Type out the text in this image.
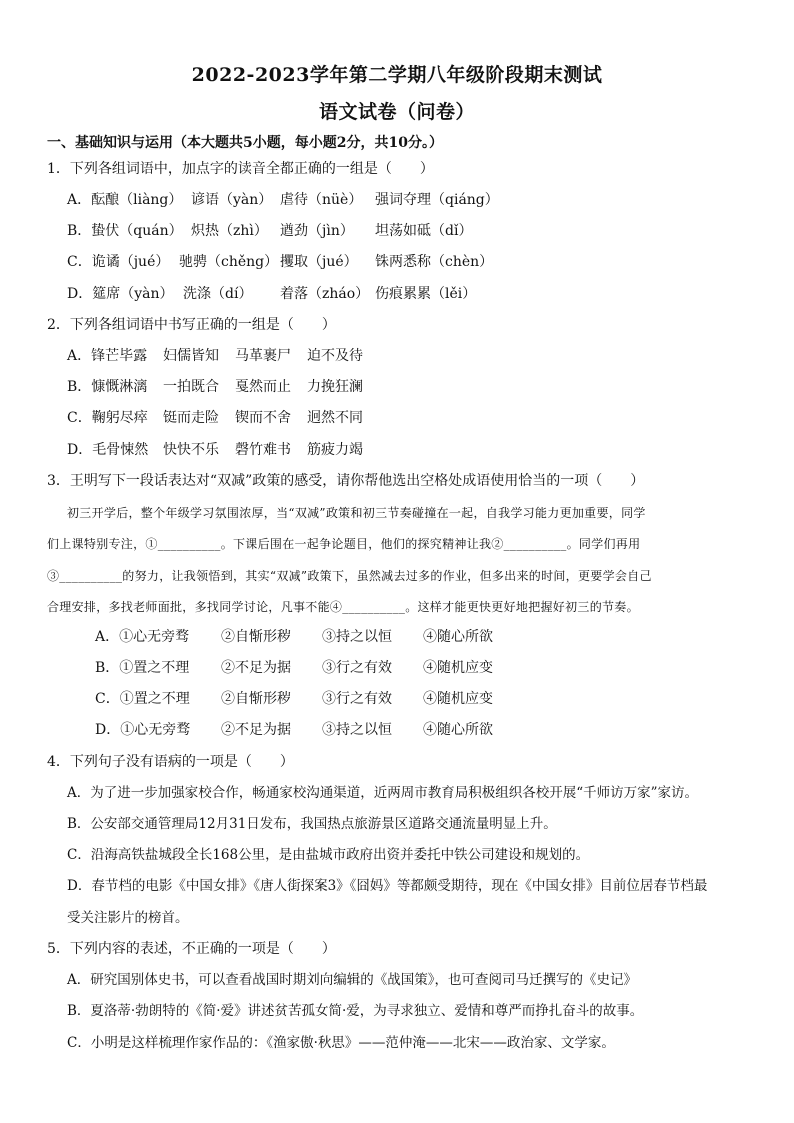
2022-2023学年第二学期八年级阶段期末测试
语文试卷（问卷）
一、基础知识与运用（本大题共5小题，每小题2分，共10分。）
1．下列各组词语中，加点字的读音全都正确的一组是（　　）
A．酝酿（liàng） 谚语（yàn） 虐待（nüè） 强词夺理（qiáng）
B．蛰伏（quán） 炽热（zhì） 遒劲（jìn） 坦荡如砥（dǐ）
C．诡谲（jué） 驰骋（chěng） 攫取（jué） 铢两悉称（chèn）
D．筵席（yàn） 洗涤（dí） 着落（zháo） 伤痕累累（lěi）
2．下列各组词语中书写正确的一组是（　　）
A．锋芒毕露 妇儒皆知 马革裹尸 迫不及待
B．慷慨淋漓 一拍既合 戛然而止 力挽狂澜
C．鞠躬尽瘁 铤而走险 锲而不舍 迥然不同
D．毛骨悚然 快快不乐 磬竹难书 筋疲力竭
3．王明写下一段话表达对“双减”政策的感受，请你帮他选出空格处成语使用恰当的一项（　　）
初三开学后，整个年级学习氛围浓厚，当“双减”政策和初三节奏碰撞在一起，自我学习能力更加重要，同学
们上课特别专注，①__________。下课后围在一起争论题目，他们的探究精神让我②__________。同学们再用
③__________的努力，让我领悟到，其实“双减”政策下，虽然减去过多的作业，但多出来的时间，更要学会自己
合理安排，多找老师面批，多找同学讨论，凡事不能④__________。这样才能更快更好地把握好初三的节奏。
A．①心无旁骛 ②自惭形秽 ③持之以恒 ④随心所欲
B．①置之不理 ②不足为据 ③行之有效 ④随机应变
C．①置之不理 ②自惭形秽 ③行之有效 ④随机应变
D．①心无旁骛 ②不足为据 ③持之以恒 ④随心所欲
4．下列句子没有语病的一项是（　　）
A．为了进一步加强家校合作，畅通家校沟通渠道，近两周市教育局积极组织各校开展“千师访万家”家访。
B．公安部交通管理局12月31日发布，我国热点旅游景区道路交通流量明显上升。
C．沿海高铁盐城段全长168公里，是由盐城市政府出资并委托中铁公司建设和规划的。
D．春节档的电影《中国女排》《唐人街探案3》《囧妈》等都颇受期待，现在《中国女排》目前位居春节档最
受关注影片的榜首。
5．下列内容的表述，不正确的一项是（　　）
A．研究国别体史书，可以查看战国时期刘向编辑的《战国策》，也可查阅司马迁撰写的《史记》
B．夏洛蒂·勃朗特的《简·爱》讲述贫苦孤女简·爱，为寻求独立、爱情和尊严而挣扎奋斗的故事。
C．小明是这样梳理作家作品的：《渔家傲·秋思》——范仲淹——北宋——政治家、文学家。
